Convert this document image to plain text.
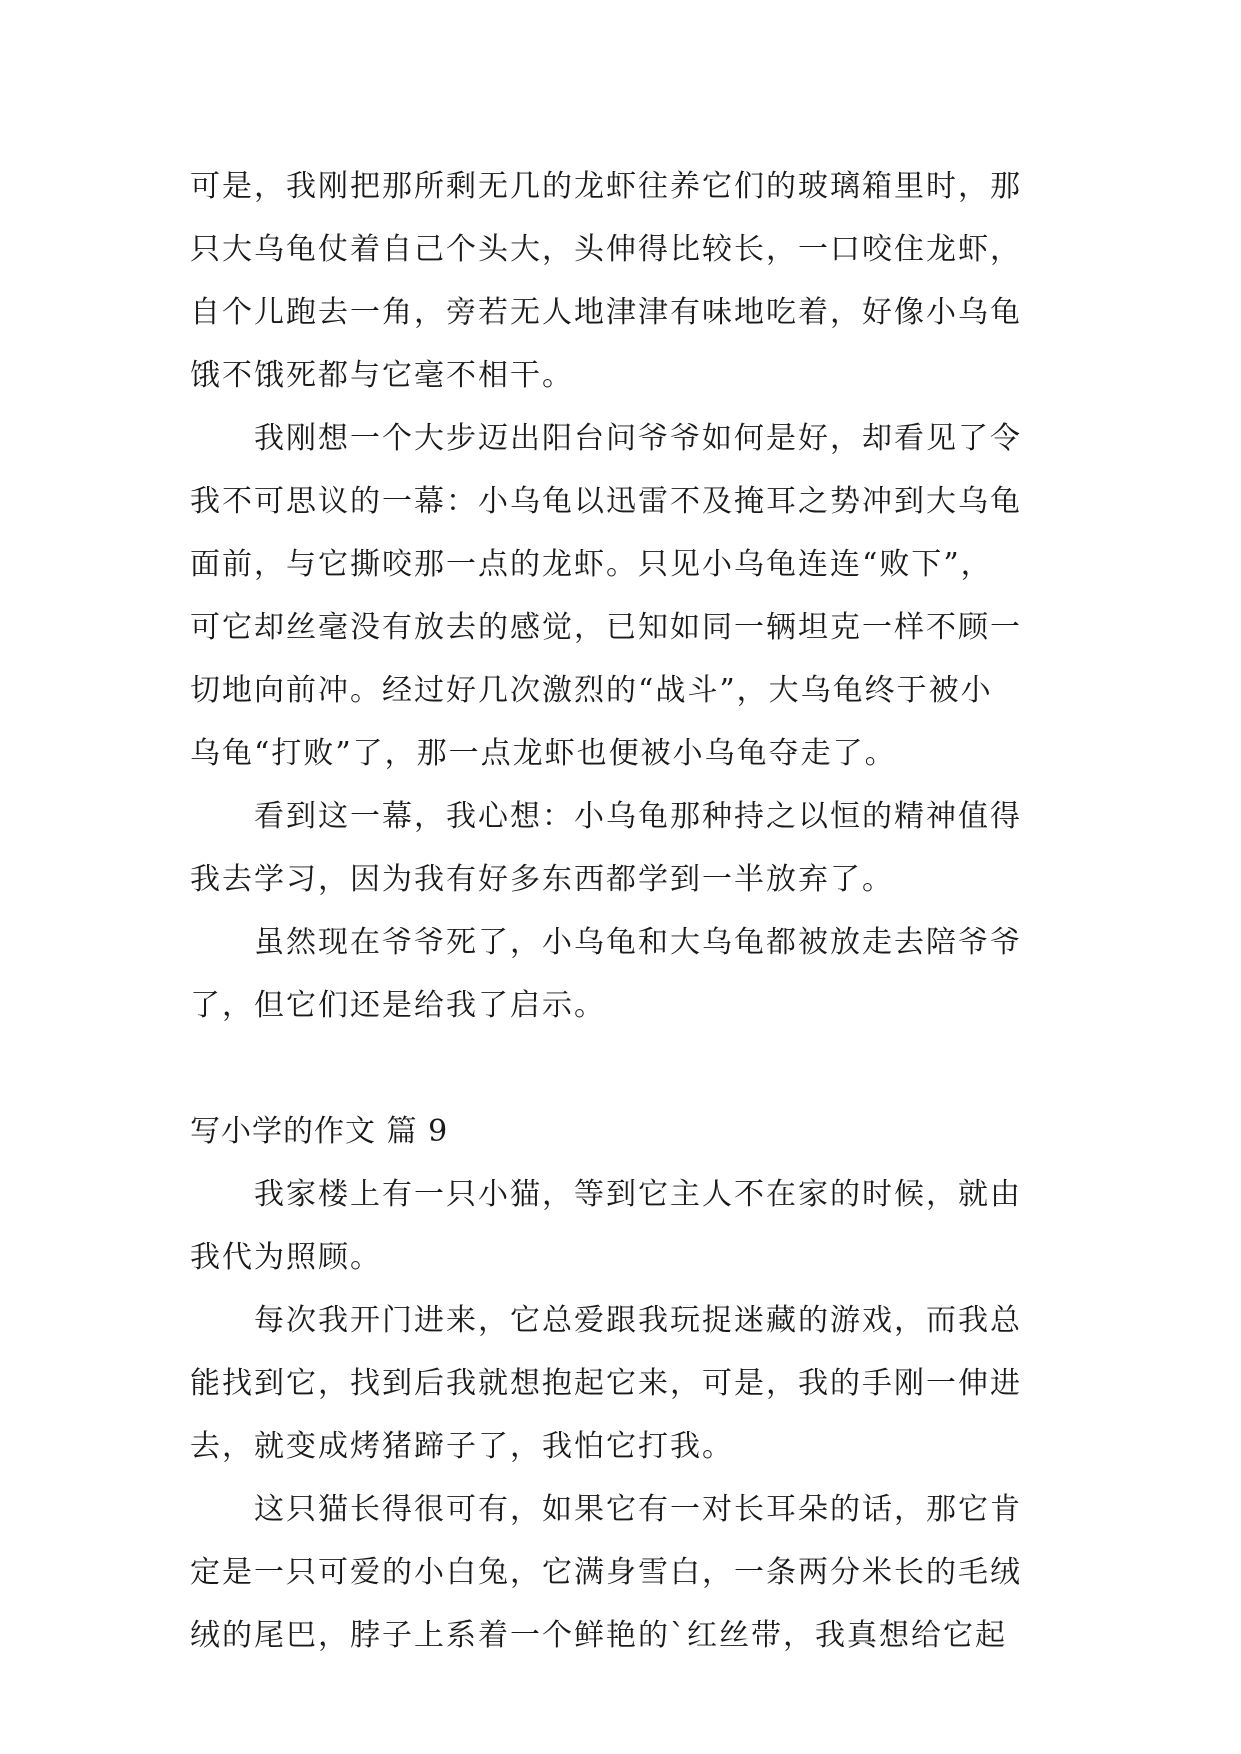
可是，我刚把那所剩无几的龙虾往养它们的玻璃箱里时，那
只大乌龟仗着自己个头大，头伸得比较长，一口咬住龙虾，
自个儿跑去一角，旁若无人地津津有味地吃着，好像小乌龟
饿不饿死都与它毫不相干。
我刚想一个大步迈出阳台问爷爷如何是好，却看见了令
我不可思议的一幕：小乌龟以迅雷不及掩耳之势冲到大乌龟
面前，与它撕咬那一点的龙虾。只见小乌龟连连“败下”，
可它却丝毫没有放去的感觉，已知如同一辆坦克一样不顾一
切地向前冲。经过好几次激烈的“战斗”，大乌龟终于被小
乌龟“打败”了，那一点龙虾也便被小乌龟夺走了。
看到这一幕，我心想：小乌龟那种持之以恒的精神值得
我去学习，因为我有好多东西都学到一半放弃了。
虽然现在爷爷死了，小乌龟和大乌龟都被放走去陪爷爷
了，但它们还是给我了启示。
写小学的作文 篇 9
我家楼上有一只小猫，等到它主人不在家的时候，就由
我代为照顾。
每次我开门进来，它总爱跟我玩捉迷藏的游戏，而我总
能找到它，找到后我就想抱起它来，可是，我的手刚一伸进
去，就变成烤猪蹄子了，我怕它打我。
这只猫长得很可有，如果它有一对长耳朵的话，那它肯
定是一只可爱的小白兔，它满身雪白，一条两分米长的毛绒
绒的尾巴，脖子上系着一个鲜艳的`红丝带，我真想给它起
